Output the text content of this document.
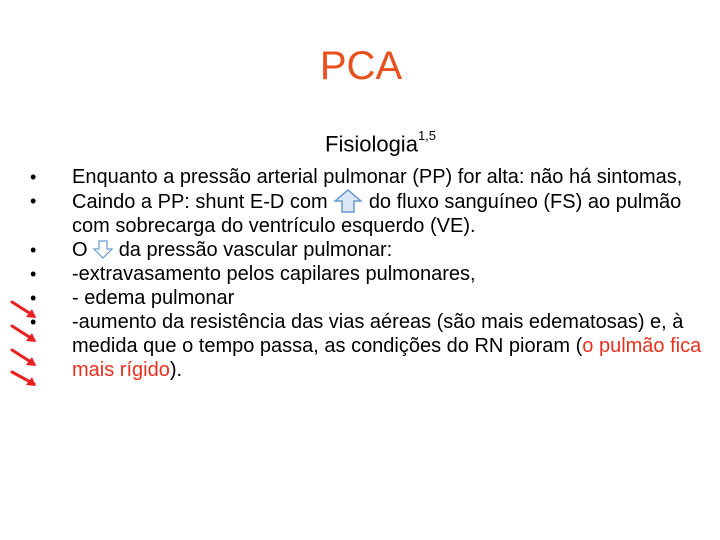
PCA
Fisiologia$^{1,5}$
• Enquanto a pressão arterial pulmonar (PP) for alta: não há sintomas,
• Caindo a PP: shunt E-D com do fluxo sanguíneo (FS) ao pulmão com sobrecarga do ventrículo esquerdo (VE).
• O da pressão vascular pulmonar:
• -extravasamento pelos capilares pulmonares,
• - edema pulmonar
• -aumento da resistência das vias aéreas (são mais edematosas) e, à medida que o tempo passa, as condições do RN pioram (o pulmão fica mais rígido).
